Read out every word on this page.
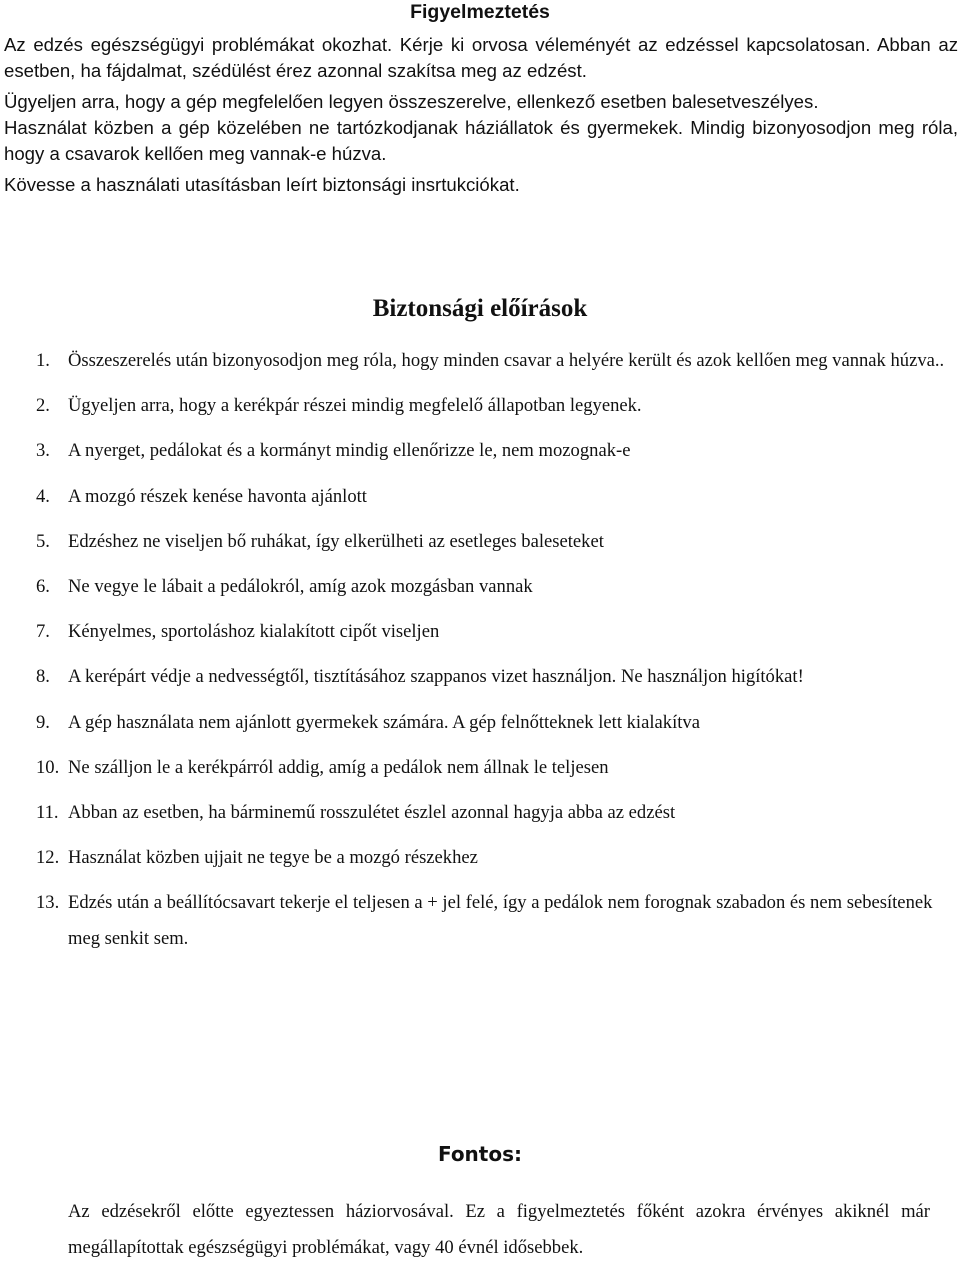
Figyelmeztetés

Az edzés egészségügyi problémákat okozhat. Kérje ki orvosa véleményét az edzéssel kapcsolatosan. Abban az esetben, ha fájdalmat, szédülést érez azonnal szakítsa meg az edzést.

Ügyeljen arra, hogy a gép megfelelően legyen összeszerelve, ellenkező esetben balesetveszélyes.

Használat közben a gép közelében ne tartózkodjanak háziállatok és gyermekek. Mindig bizonyosodjon meg róla, hogy a csavarok kellően meg vannak-e húzva.

Kövesse a használati utasításban leírt biztonsági insrtukciókat.

Biztonsági előírások
1. Összeszerelés után bizonyosodjon meg róla, hogy minden csavar a helyére került és azok kellően meg vannak húzva..
2. Ügyeljen arra, hogy a kerékpár részei mindig megfelelő állapotban legyenek.
3. A nyerget, pedálokat és a kormányt mindig ellenőrizze le, nem mozognak-e
4. A mozgó részek kenése havonta ajánlott
5. Edzéshez ne viseljen bő ruhákat, így elkerülheti az esetleges baleseteket
6. Ne vegye le lábait a pedálokról, amíg azok mozgásban vannak
7. Kényelmes, sportoláshoz kialakított cipőt viseljen
8. A kerépárt védje a nedvességtől, tisztításához szappanos vizet használjon. Ne használjon higítókat!
9. A gép használata nem ajánlott gyermekek számára. A gép felnőtteknek lett kialakítva
10. Ne szálljon le a kerékpárról addig, amíg a pedálok nem állnak le teljesen
11. Abban az esetben, ha bárminemű rosszulétet észlel azonnal hagyja abba az edzést
12. Használat közben ujjait ne tegye be a mozgó részekhez
13. Edzés után a beállítócsavart tekerje el teljesen a + jel felé, így a pedálok nem forognak szabadon és nem sebesítenek meg senkit sem.
Fontos:

Az edzésekről előtte egyeztessen háziorvosával. Ez a figyelmeztetés főként azokra érvényes akiknél már megállapítottak egészségügyi problémákat, vagy 40 évnél idősebbek.
